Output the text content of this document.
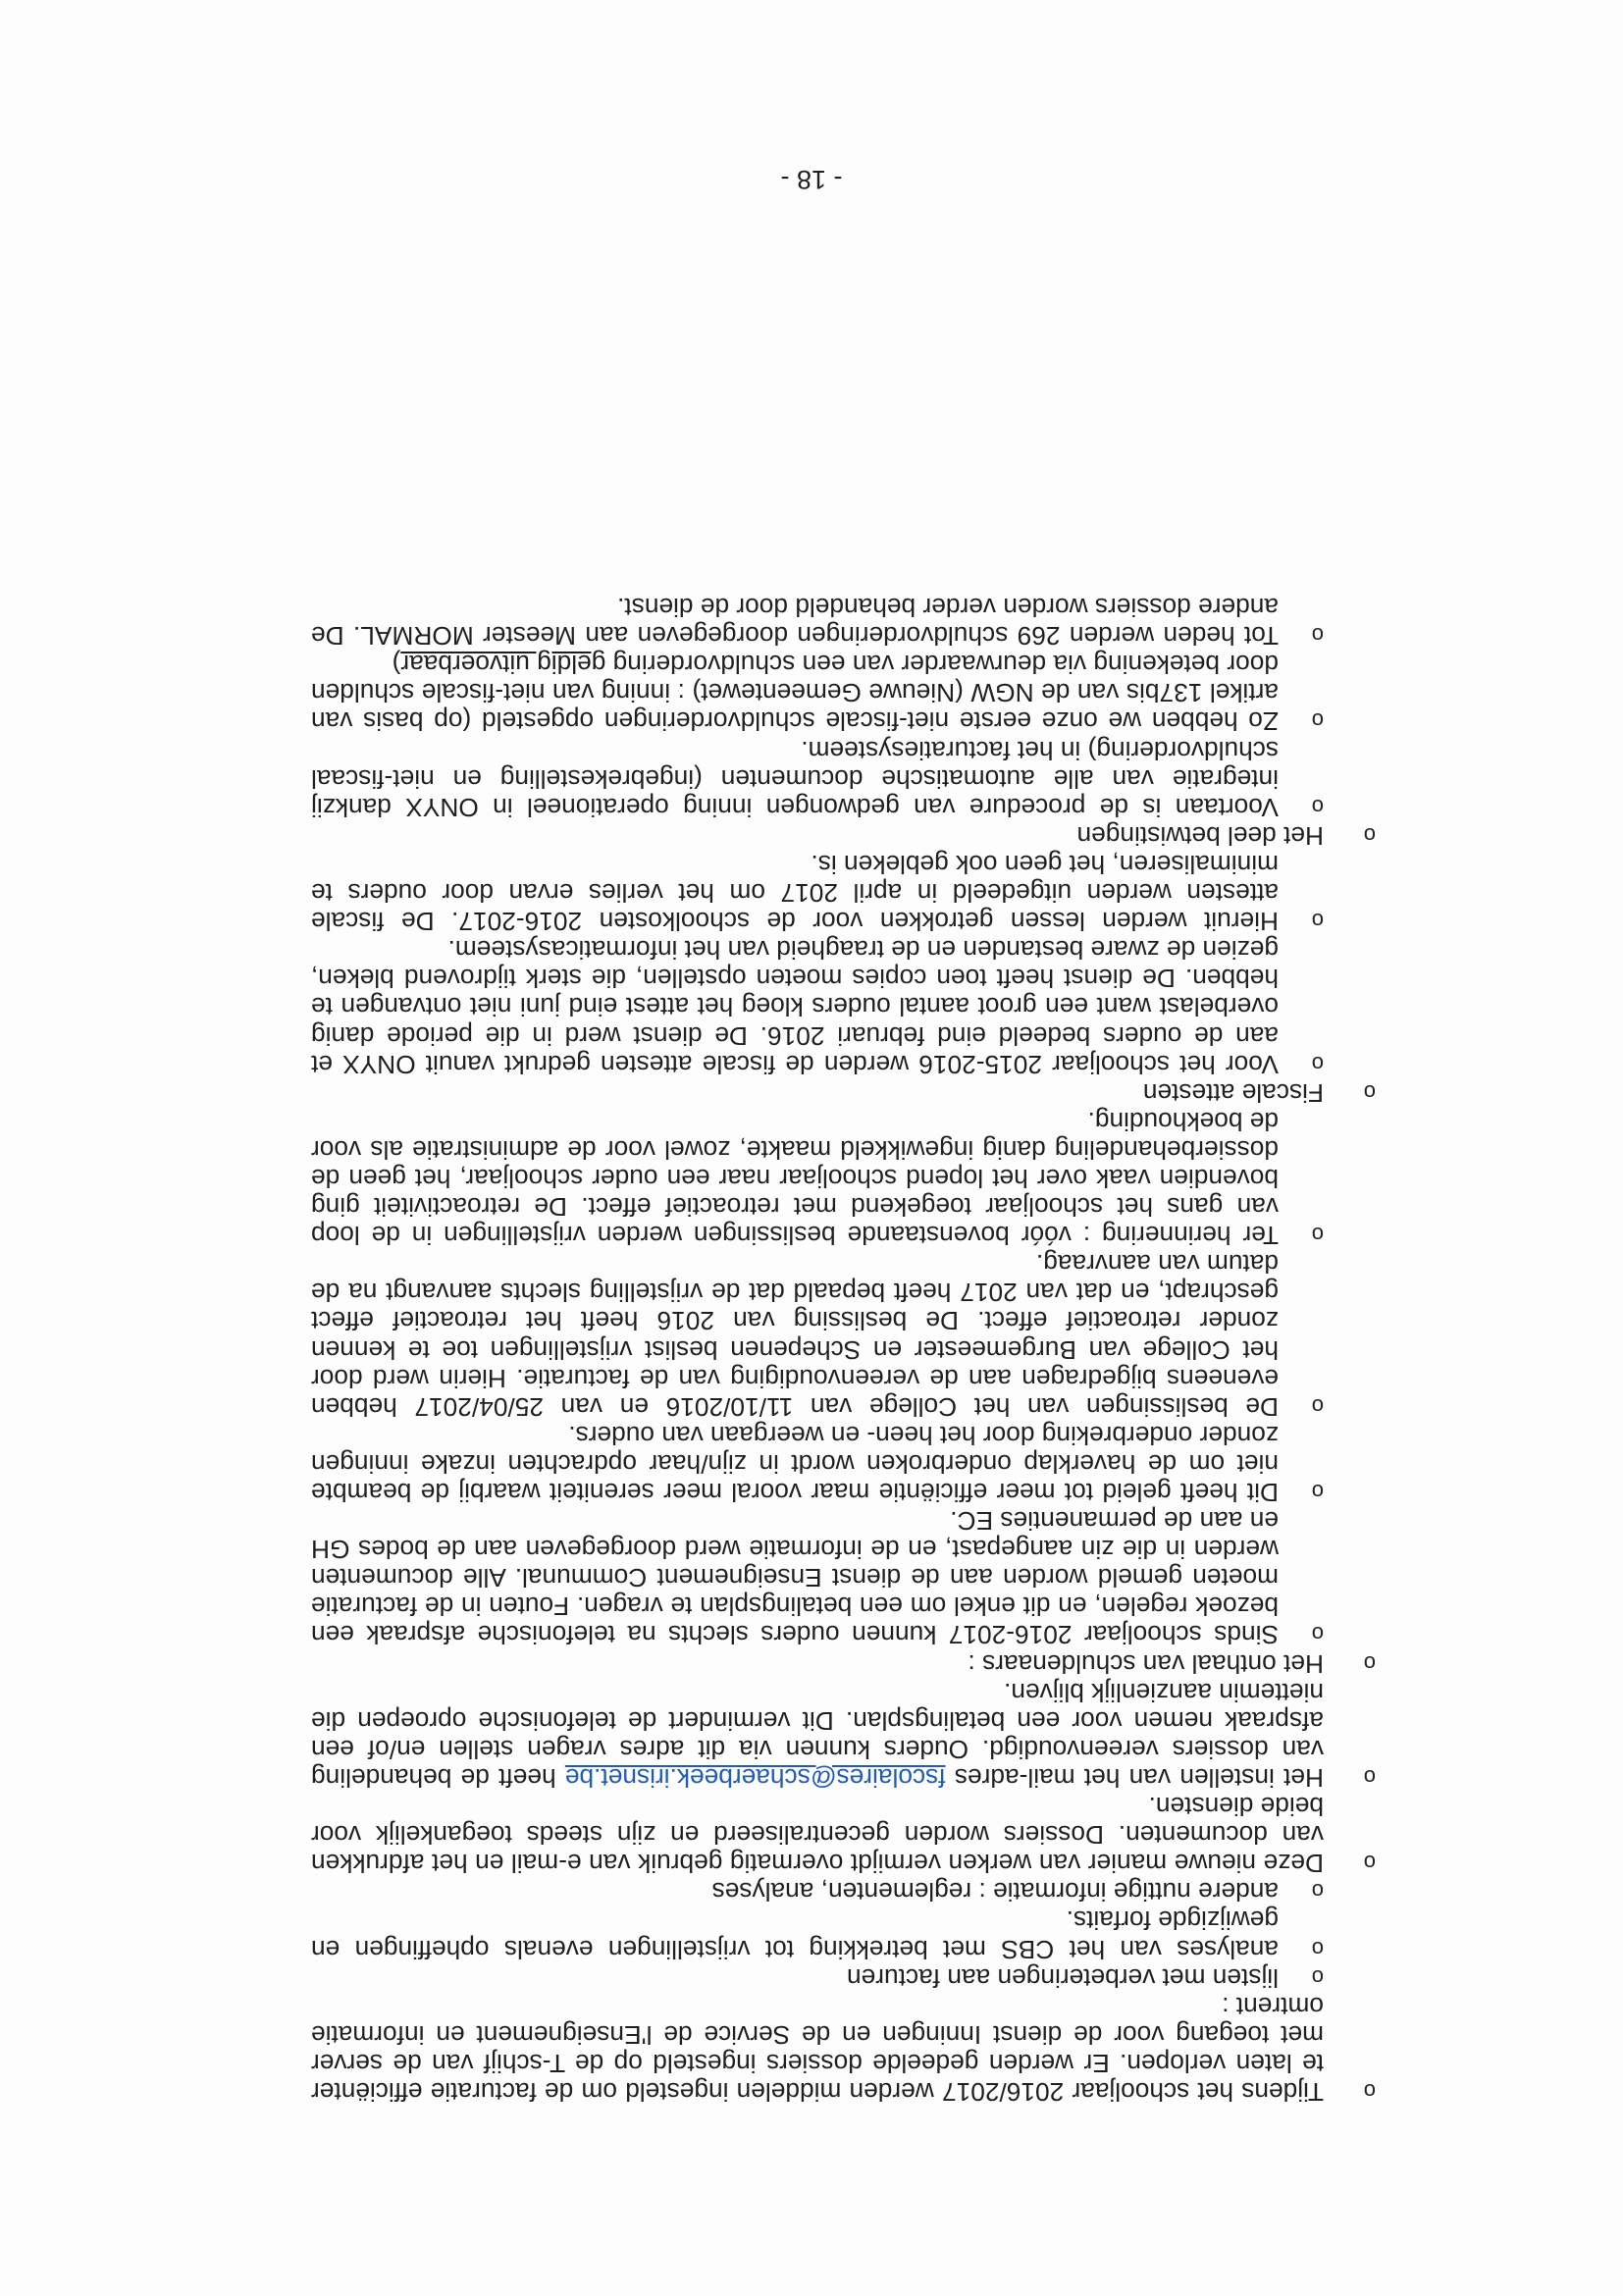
o
Tijdens het schooljaar 2016/2017 werden middelen ingesteld om de facturatie efficiënter te laten verlopen. Er werden gedeelde dossiers ingesteld op de T-schijf van de server met toegang voor de dienst Inningen en de Service de l'Enseignement en informatie omtrent :
o
lijsten met verbeteringen aan facturen
o
analyses van het CBS met betrekking tot vrijstellingen evenals opheffingen en gewijzigde forfaits.
o
andere nuttige informatie : reglementen, analyses
o
Deze nieuwe manier van werken vermijdt overmatig gebruik van e-mail en het afdrukken van documenten. Dossiers worden gecentraliseerd en zijn steeds toegankelijk voor beide diensten.
o
Het instellen van het mail-adres fscolaires@schaerbeek.irisnet.be heeft de behandeling van dossiers vereenvoudigd. Ouders kunnen via dit adres vragen stellen en/of een afspraak nemen voor een betalingsplan. Dit vermindert de telefonische oproepen die niettemin aanzienlijk blijven.
o
Het onthaal van schuldenaars :
o
Sinds schooljaar 2016-2017 kunnen ouders slechts na telefonische afspraak een bezoek regelen, en dit enkel om een betalingsplan te vragen. Fouten in de facturatie moeten gemeld worden aan de dienst Enseignement Communal. Alle documenten werden in die zin aangepast, en de informatie werd doorgegeven aan de bodes GH en aan de permanenties EC.
o
Dit heeft geleid tot meer efficiëntie maar vooral meer sereniteit waarbij de beambte niet om de haverklap onderbroken wordt in zijn/haar opdrachten inzake inningen zonder onderbreking door het heen- en weergaan van ouders.
o
De beslissingen van het College van 11/10/2016 en van 25/04/2017 hebben eveneens bijgedragen aan de vereenvoudiging van de facturatie. Hierin werd door het College van Burgemeester en Schepenen beslist vrijstellingen toe te kennen zonder retroactief effect. De beslissing van 2016 heeft het retroactief effect geschrapt, en dat van 2017 heeft bepaald dat de vrijstelling slechts aanvangt na de datum van aanvraag.
o
Ter herinnering : vóór bovenstaande beslissingen werden vrijstellingen in de loop van gans het schooljaar toegekend met retroactief effect. De retroactiviteit ging bovendien vaak over het lopend schooljaar naar een ouder schooljaar, het geen de dossierbehandeling danig ingewikkeld maakte, zowel voor de administratie als voor de boekhouding.
o
Fiscale attesten
o
Voor het schooljaar 2015-2016 werden de fiscale attesten gedrukt vanuit ONYX et aan de ouders bedeeld eind februari 2016. De dienst werd in die periode danig overbelast want een groot aantal ouders kloeg het attest eind juni niet ontvangen te hebben. De dienst heeft toen copies moeten opstellen, die sterk tijdrovend bleken, gezien de zware bestanden en de traagheid van het informaticasysteem.
o
Hieruit werden lessen getrokken voor de schoolkosten 2016-2017. De fiscale attesten werden uitgedeeld in april 2017 om het verlies ervan door ouders te minimaliseren, het geen ook gebleken is.
o
Het deel betwistingen
o
Voortaan is de procedure van gedwongen inning operationeel in ONYX dankzij integratie van alle automatische documenten (ingebrekestelling en niet-fiscaal schuldvordering) in het facturatiesysteem.
o
Zo hebben we onze eerste niet-fiscale schuldvorderingen opgesteld (op basis van artikel 137bis van de NGW (Nieuwe Gemeentewet) : inning van niet-fiscale schulden door betekening via deurwaarder van een schuldvordering geldig uitvoerbaar)
o
Tot heden werden 269 schuldvorderingen doorgegeven aan Meester MORMAL. De andere dossiers worden verder behandeld door de dienst.
- 18 -
